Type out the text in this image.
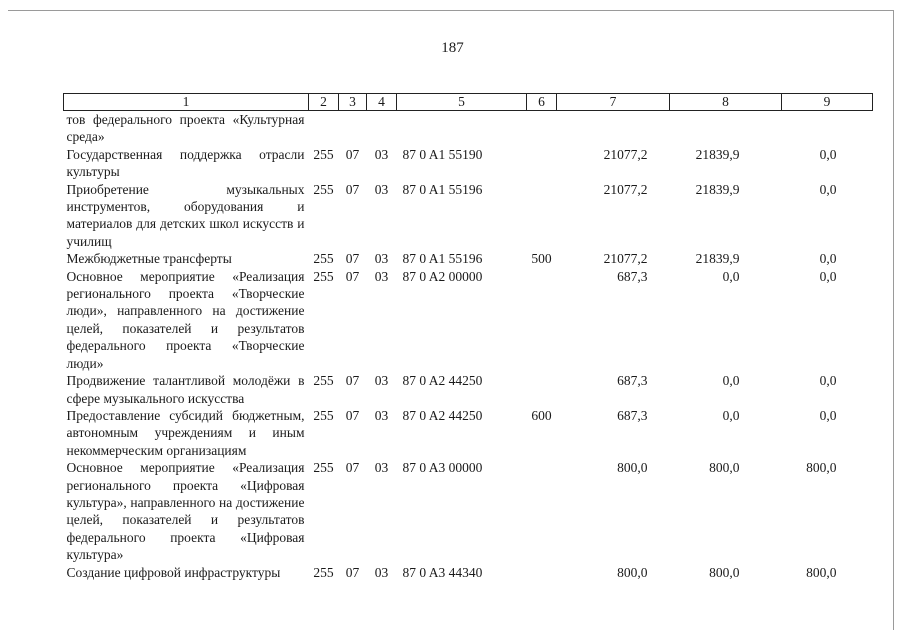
187
1	2	3	4	5	6	7	8	9
тов федерального проекта «Культурная среда»								
Государственная поддержка отрасли культуры	255	07	03	87 0 A1 55190		21077,2	21839,9	0,0
Приобретение музыкальных инструментов, оборудования и материалов для детских школ искусств и училищ	255	07	03	87 0 A1 55196		21077,2	21839,9	0,0
Межбюджетные трансферты	255	07	03	87 0 A1 55196	500	21077,2	21839,9	0,0
Основное мероприятие «Реализация регионального проекта «Творческие люди», направленного на достижение целей, показателей и результатов федерального проекта «Творческие люди»	255	07	03	87 0 A2 00000		687,3	0,0	0,0
Продвижение талантливой молодёжи в сфере музыкального искусства	255	07	03	87 0 A2 44250		687,3	0,0	0,0
Предоставление субсидий бюджетным, автономным учреждениям и иным некоммерческим организациям	255	07	03	87 0 A2 44250	600	687,3	0,0	0,0
Основное мероприятие «Реализация регионального проекта «Цифровая культура», направленного на достижение целей, показателей и результатов федерального проекта «Цифровая культура»	255	07	03	87 0 A3 00000		800,0	800,0	800,0
Создание цифровой инфраструктуры	255	07	03	87 0 A3 44340		800,0	800,0	800,0
